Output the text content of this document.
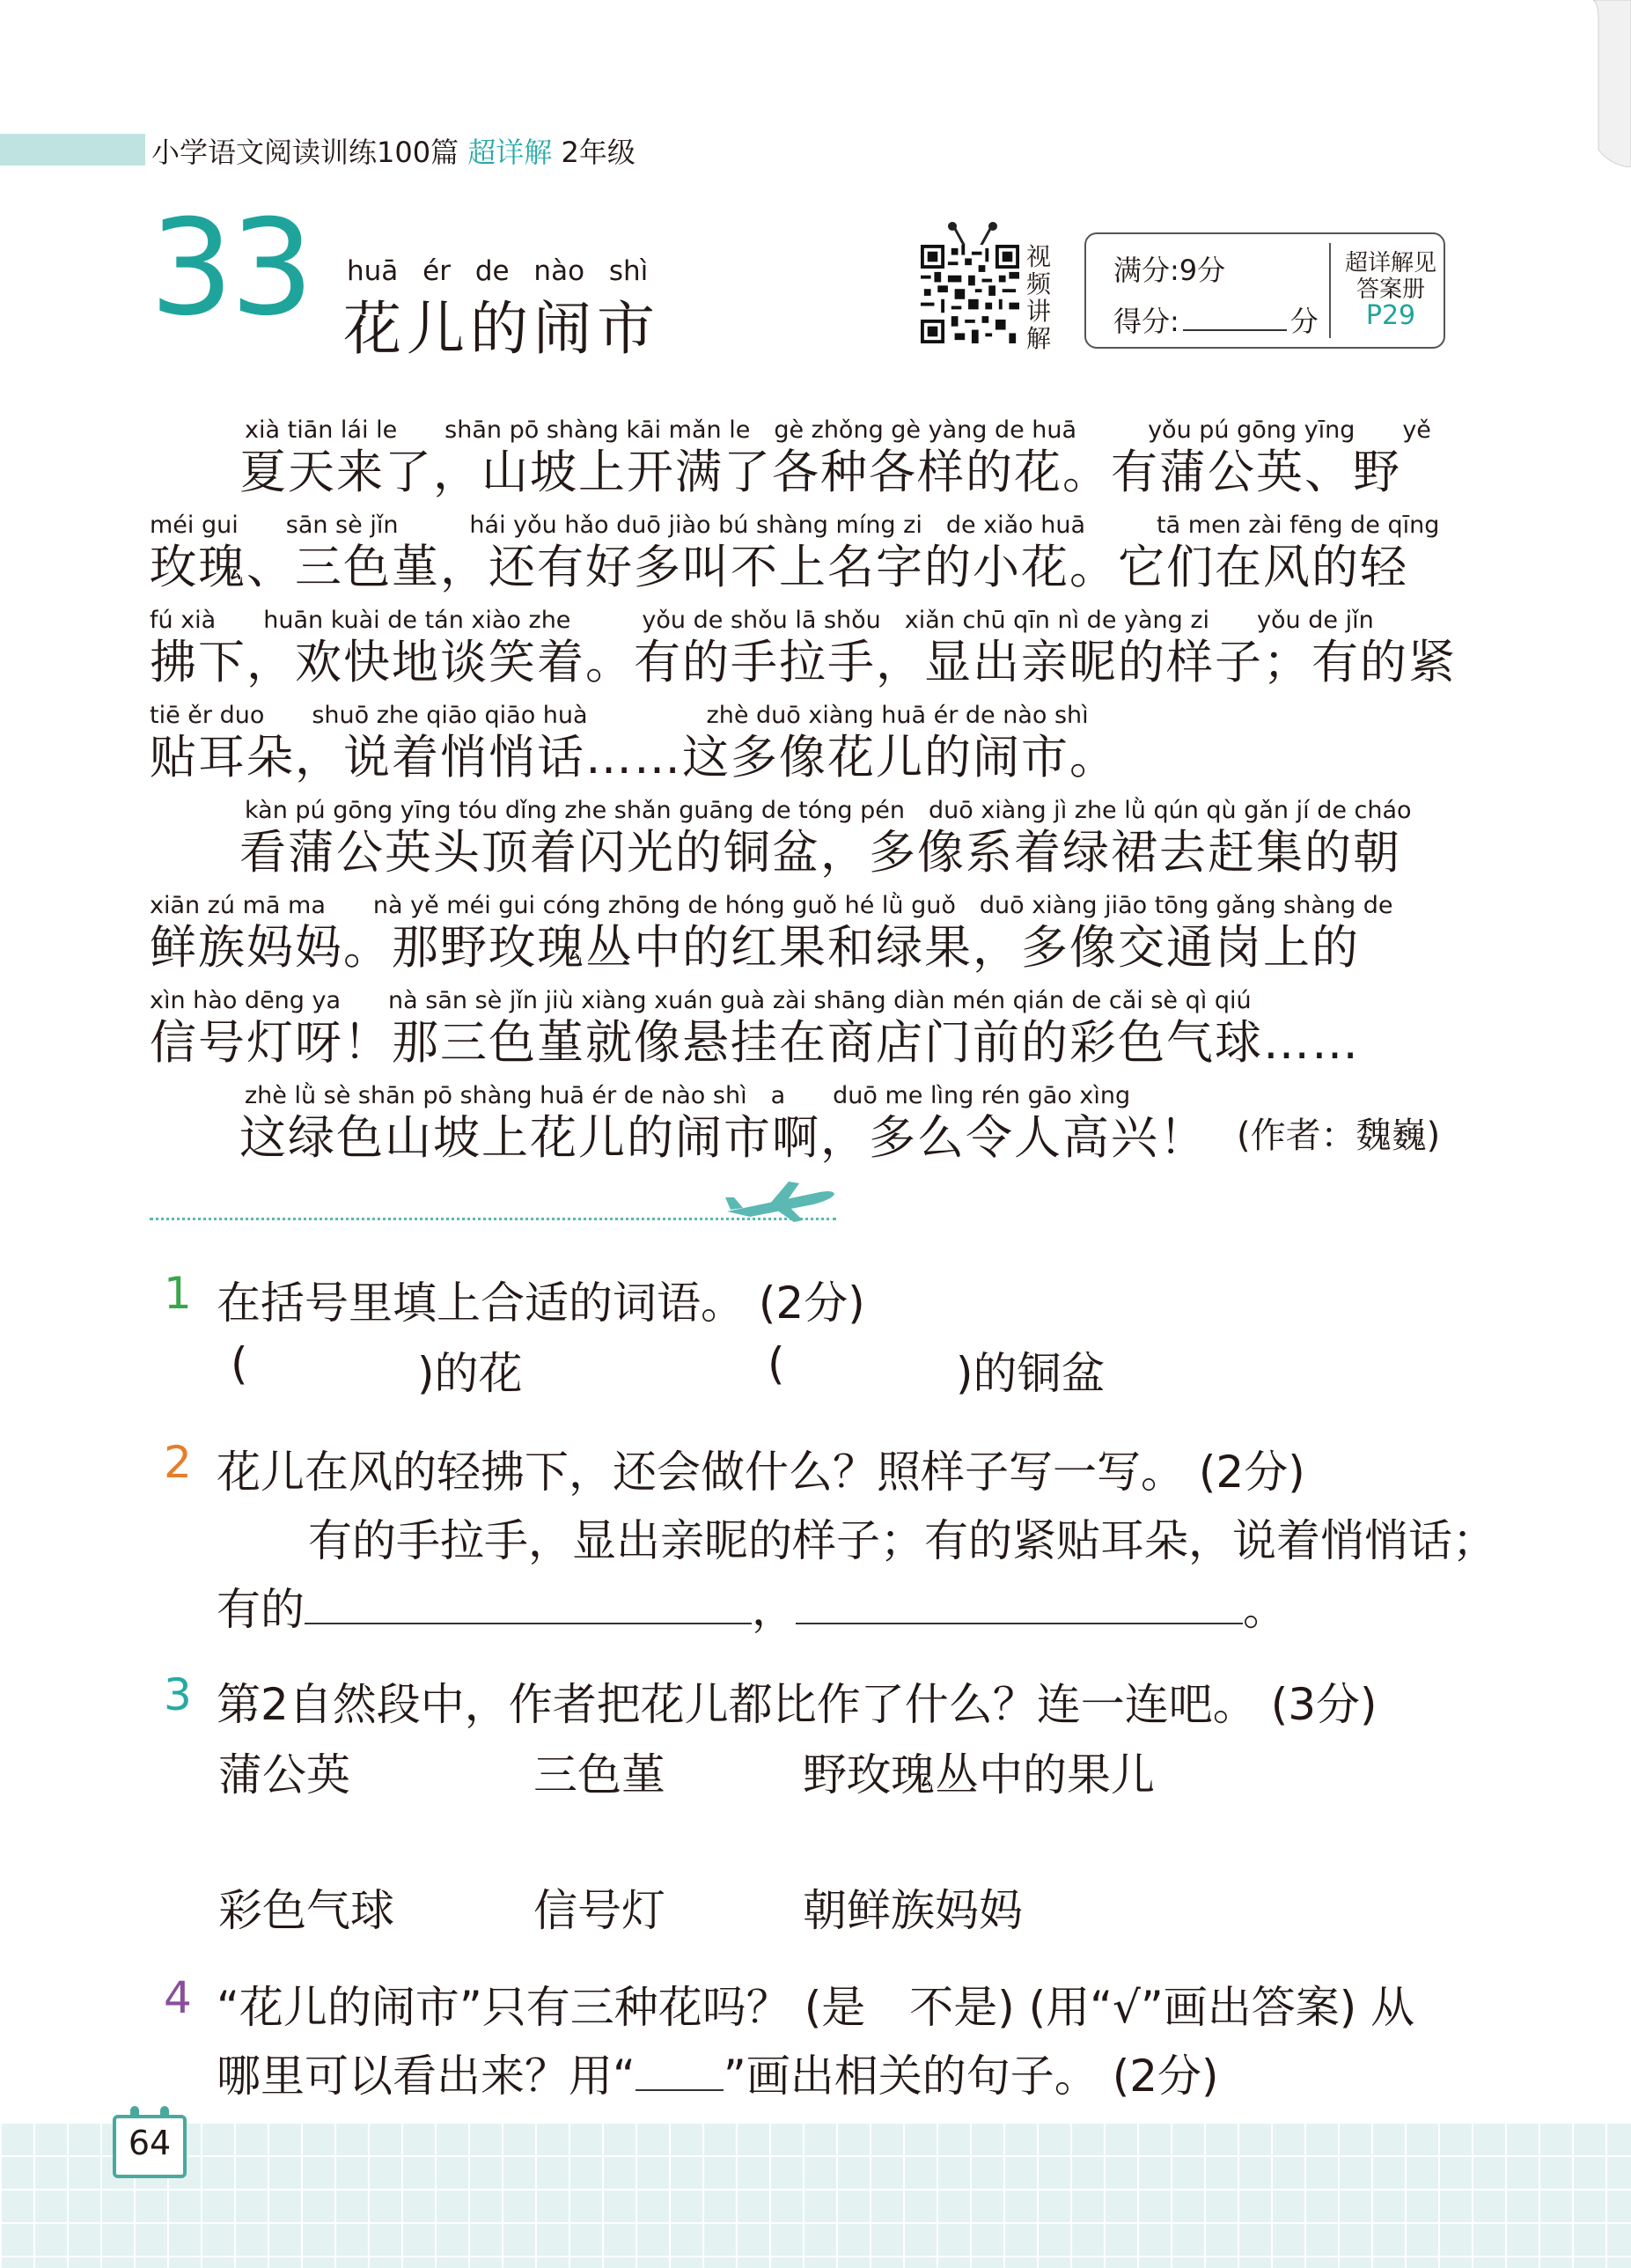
小学语文阅读训练100篇 超详解 2年级
33 huā ér de nào shì
花儿的闹市
视
频
讲
解
满分:9分
得分:	分
超详解见
答案册
P29
xià tiān lái le　　shān pō shàng kāi mǎn le　gè zhǒng gè yàng de huā　　　yǒu pú gōng yīng　　yě
夏天来了，山坡上开满了各种各样的花。有蒲公英、野
méi gui　　sān sè jǐn　　　hái yǒu hǎo duō jiào bú shàng míng zi　de xiǎo huā　　　tā men zài fēng de qīng
玫瑰、三色堇，还有好多叫不上名字的小花。它们在风的轻
fú xià　　huān kuài de tán xiào zhe　　　yǒu de shǒu lā shǒu　xiǎn chū qīn nì de yàng zi　　yǒu de jǐn
拂下，欢快地谈笑着。有的手拉手，显出亲昵的样子；有的紧
tiē ěr duo　　shuō zhe qiāo qiāo huà　　　　　zhè duō xiàng huā ér de nào shì
贴耳朵，说着悄悄话……这多像花儿的闹市。
kàn pú gōng yīng tóu dǐng zhe shǎn guāng de tóng pén　duō xiàng jì zhe lǜ qún qù gǎn jí de cháo
看蒲公英头顶着闪光的铜盆，多像系着绿裙去赶集的朝
xiān zú mā ma　　nà yě méi gui cóng zhōng de hóng guǒ hé lǜ guǒ　duō xiàng jiāo tōng gǎng shàng de
鲜族妈妈。那野玫瑰丛中的红果和绿果，多像交通岗上的
xìn hào dēng ya　　nà sān sè jǐn jiù xiàng xuán guà zài shāng diàn mén qián de cǎi sè qì qiú
信号灯呀！那三色堇就像悬挂在商店门前的彩色气球……
zhè lǜ sè shān pō shàng huā ér de nào shì　a　　duō me lìng rén gāo xìng
这绿色山坡上花儿的闹市啊，多么令人高兴！ (作者：魏巍)
1 在括号里填上合适的词语。 (2分)
(	)的花	(	)的铜盆
2 花儿在风的轻拂下，还会做什么？照样子写一写。 (2分)
有的手拉手，显出亲昵的样子；有的紧贴耳朵，说着悄悄话；
有的	，	。
3 第2自然段中，作者把花儿都比作了什么？连一连吧。 (3分)
蒲公英	三色堇	野玫瑰丛中的果儿
彩色气球	信号灯	朝鲜族妈妈
4 “花儿的闹市”只有三种花吗？ (是　不是) (用“√”画出答案) 从
哪里可以看出来？用“ ”画出相关的句子。 (2分)
64
